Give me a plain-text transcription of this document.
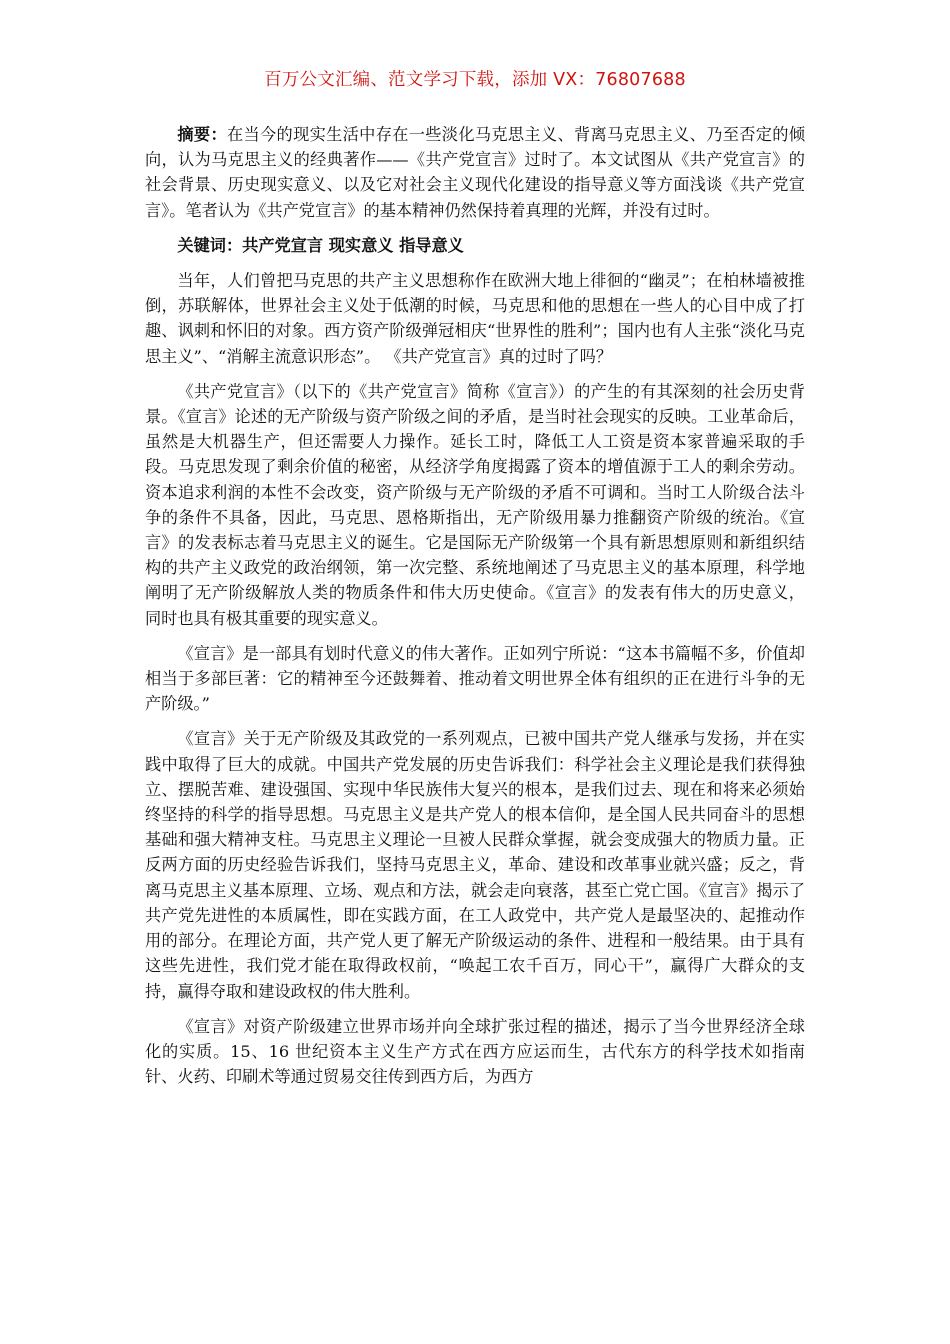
百万公文汇编、范文学习下载，添加 VX：76807688

摘要：在当今的现实生活中存在一些淡化马克思主义、背离马克思主义、乃至否定的倾向，认为马克思主义的经典著作——《共产党宣言》过时了。本文试图从《共产党宣言》的社会背景、历史现实意义、以及它对社会主义现代化建设的指导意义等方面浅谈《共产党宣言》。笔者认为《共产党宣言》的基本精神仍然保持着真理的光辉，并没有过时。

关键词：共产党宣言 现实意义 指导意义

当年，人们曾把马克思的共产主义思想称作在欧洲大地上徘徊的“幽灵”；在柏林墙被推倒，苏联解体，世界社会主义处于低潮的时候，马克思和他的思想在一些人的心目中成了打趣、讽刺和怀旧的对象。西方资产阶级弹冠相庆“世界性的胜利”；国内也有人主张“淡化马克思主义”、“消解主流意识形态”。 《共产党宣言》真的过时了吗？

《共产党宣言》（以下的《共产党宣言》简称《宣言》）的产生的有其深刻的社会历史背景。《宣言》论述的无产阶级与资产阶级之间的矛盾，是当时社会现实的反映。工业革命后，虽然是大机器生产，但还需要人力操作。延长工时，降低工人工资是资本家普遍采取的手段。马克思发现了剩余价值的秘密，从经济学角度揭露了资本的增值源于工人的剩余劳动。资本追求利润的本性不会改变，资产阶级与无产阶级的矛盾不可调和。当时工人阶级合法斗争的条件不具备，因此，马克思、恩格斯指出，无产阶级用暴力推翻资产阶级的统治。《宣言》的发表标志着马克思主义的诞生。它是国际无产阶级第一个具有新思想原则和新组织结构的共产主义政党的政治纲领，第一次完整、系统地阐述了马克思主义的基本原理，科学地阐明了无产阶级解放人类的物质条件和伟大历史使命。《宣言》的发表有伟大的历史意义， 同时也具有极其重要的现实意义。

《宣言》是一部具有划时代意义的伟大著作。正如列宁所说：“这本书篇幅不多，价值却相当于多部巨著：它的精神至今还鼓舞着、推动着文明世界全体有组织的正在进行斗争的无产阶级。”

《宣言》关于无产阶级及其政党的一系列观点，已被中国共产党人继承与发扬，并在实践中取得了巨大的成就。中国共产党发展的历史告诉我们：科学社会主义理论是我们获得独立、摆脱苦难、建设强国、实现中华民族伟大复兴的根本，是我们过去、现在和将来必须始终坚持的科学的指导思想。马克思主义是共产党人的根本信仰，是全国人民共同奋斗的思想基础和强大精神支柱。马克思主义理论一旦被人民群众掌握，就会变成强大的物质力量。正反两方面的历史经验告诉我们，坚持马克思主义，革命、建设和改革事业就兴盛；反之，背离马克思主义基本原理、立场、观点和方法，就会走向衰落，甚至亡党亡国。《宣言》揭示了共产党先进性的本质属性，即在实践方面，在工人政党中，共产党人是最坚决的、起推动作用的部分。在理论方面，共产党人更了解无产阶级运动的条件、进程和一般结果。由于具有这些先进性，我们党才能在取得政权前，“唤起工农千百万，同心干”，赢得广大群众的支持，赢得夺取和建设政权的伟大胜利。

《宣言》对资产阶级建立世界市场并向全球扩张过程的描述，揭示了当今世界经济全球化的实质。15、16 世纪资本主义生产方式在西方应运而生，古代东方的科学技术如指南针、火药、印刷术等通过贸易交往传到西方后，为西方
